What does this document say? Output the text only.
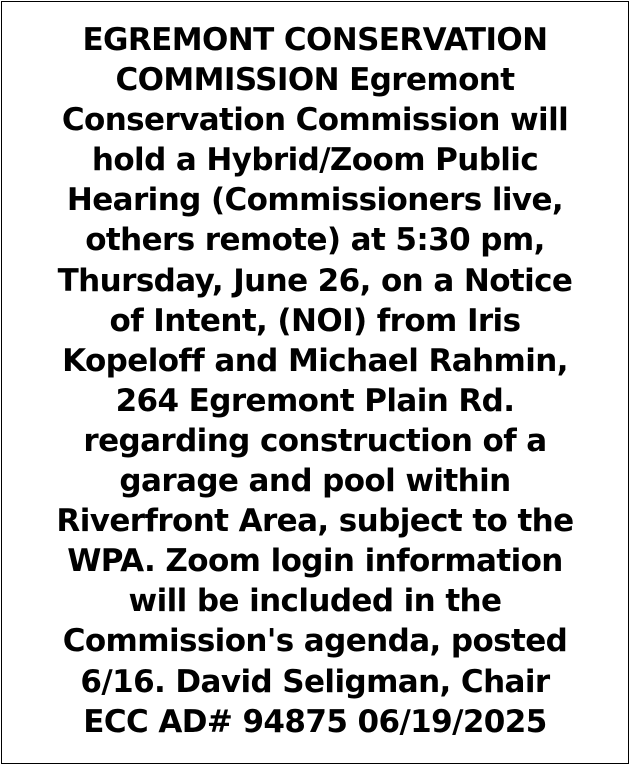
EGREMONT CONSERVATION
COMMISSION Egremont
Conservation Commission will
hold a Hybrid/Zoom Public
Hearing (Commissioners live,
others remote) at 5:30 pm,
Thursday, June 26, on a Notice
of Intent, (NOI) from Iris
Kopeloff and Michael Rahmin,
264 Egremont Plain Rd.
regarding construction of a
garage and pool within
Riverfront Area, subject to the
WPA. Zoom login information
will be included in the
Commission's agenda, posted
6/16. David Seligman, Chair
ECC AD# 94875 06/19/2025
